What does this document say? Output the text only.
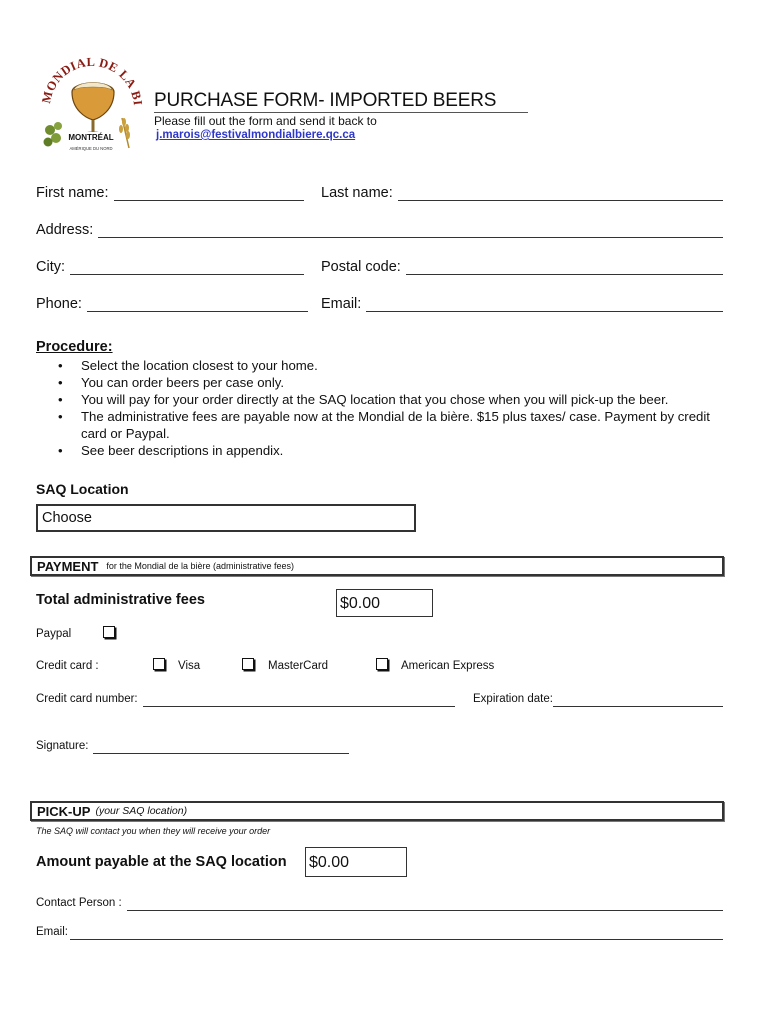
MONDIAL DE LA BI
MONTRÉAL
AMÉRIQUE DU NORD
PURCHASE FORM- IMPORTED BEERS
Please fill out the form and send it back to
j.marois@festivalmondialbiere.qc.ca
First name:	Last name:
Address:
City:	Postal code:
Phone:	Email:
Procedure:
• Select the location closest to your home.
• You can order beers per case only.
• You will pay for your order directly at the SAQ location that you chose when you will pick-up the beer.
• The administrative fees are payable now at the Mondial de la bière. $15 plus taxes/ case. Payment by credit card or Paypal.
• See beer descriptions in appendix.
SAQ Location
Choose
PAYMENT for the Mondial de la bière (administrative fees)
Total administrative fees	$0.00
Paypal
Credit card :	Visa	MasterCard	American Express
Credit card number:	Expiration date:
Signature:
PICK-UP (your SAQ location)
The SAQ will contact you when they will receive your order
Amount payable at the SAQ location $0.00
Contact Person :
Email:
